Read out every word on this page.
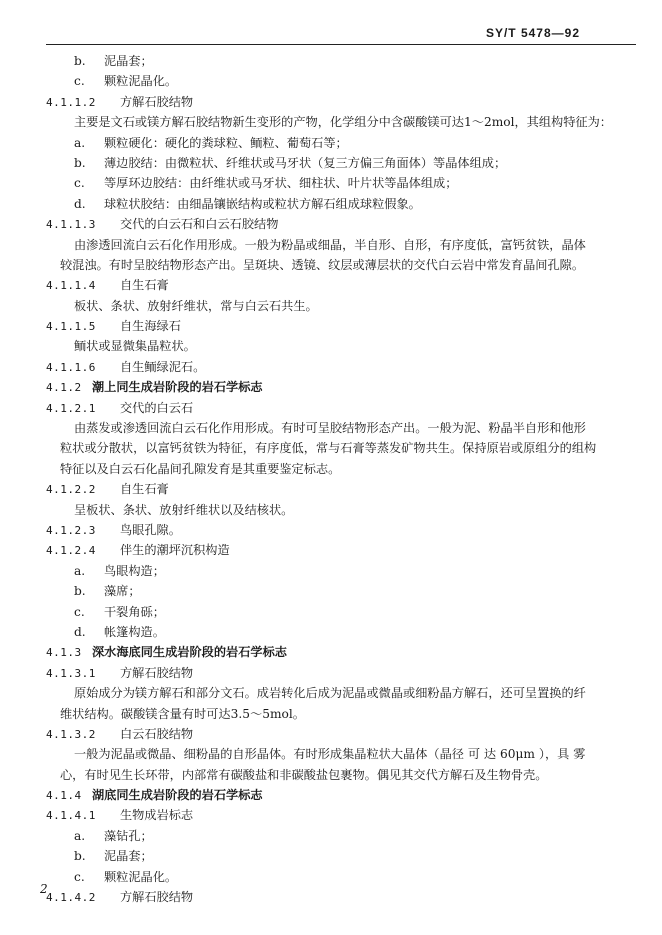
SY/T 5478—92
b. 泥晶套；
c. 颗粒泥晶化。
4.1.1.2 方解石胶结物
主要是文石或镁方解石胶结物新生变形的产物，化学组分中含碳酸镁可达1～2mol，其组构特征为：
a. 颗粒硬化：硬化的粪球粒、鲕粒、葡萄石等；
b. 薄边胶结：由微粒状、纤维状或马牙状（复三方偏三角面体）等晶体组成；
c. 等厚环边胶结：由纤维状或马牙状、细柱状、叶片状等晶体组成；
d. 球粒状胶结：由细晶镶嵌结构或粒状方解石组成球粒假象。
4.1.1.3 交代的白云石和白云石胶结物
由渗透回流白云石化作用形成。一般为粉晶或细晶，半自形、自形，有序度低，富钙贫铁，晶体
较混浊。有时呈胶结物形态产出。呈斑块、透镜、纹层或薄层状的交代白云岩中常发育晶间孔隙。
4.1.1.4 自生石膏
板状、条状、放射纤维状，常与白云石共生。
4.1.1.5 自生海绿石
鲕状或显微集晶粒状。
4.1.1.6 自生鲕绿泥石。
4.1.2 潮上同生成岩阶段的岩石学标志
4.1.2.1 交代的白云石
由蒸发或渗透回流白云石化作用形成。有时可呈胶结物形态产出。一般为泥、粉晶半自形和他形
粒状或分散状，以富钙贫铁为特征，有序度低，常与石膏等蒸发矿物共生。保持原岩或原组分的组构
特征以及白云石化晶间孔隙发育是其重要鉴定标志。
4.1.2.2 自生石膏
呈板状、条状、放射纤维状以及结核状。
4.1.2.3 鸟眼孔隙。
4.1.2.4 伴生的潮坪沉积构造
a. 鸟眼构造；
b. 藻席；
c. 干裂角砾；
d. 帐篷构造。
4.1.3 深水海底同生成岩阶段的岩石学标志
4.1.3.1 方解石胶结物
原始成分为镁方解石和部分文石。成岩转化后成为泥晶或微晶或细粉晶方解石，还可呈置换的纤
维状结构。碳酸镁含量有时可达3.5～5mol。
4.1.3.2 白云石胶结物
一般为泥晶或微晶、细粉晶的自形晶体。有时形成集晶粒状大晶体（晶径 可 达 60μm ），具 雾
心，有时见生长环带，内部常有碳酸盐和非碳酸盐包裹物。偶见其交代方解石及生物骨壳。
4.1.4 湖底同生成岩阶段的岩石学标志
4.1.4.1 生物成岩标志
a. 藻钻孔；
b. 泥晶套；
c. 颗粒泥晶化。
4.1.4.2 方解石胶结物
2
